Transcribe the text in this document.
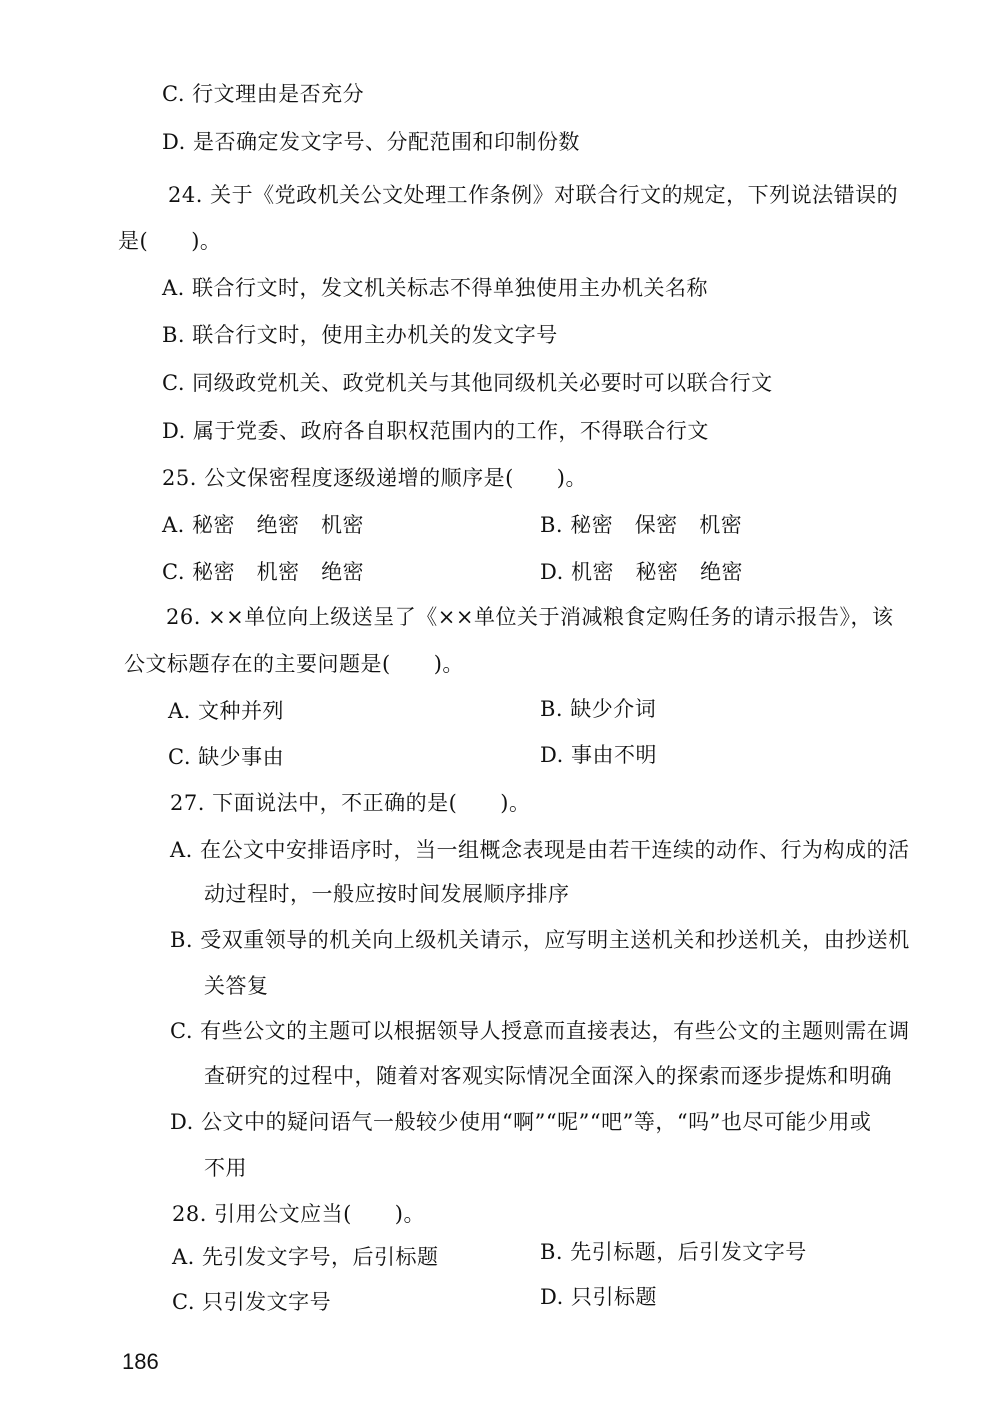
C. 行文理由是否充分
D. 是否确定发文字号、分配范围和印制份数
24. 关于《党政机关公文处理工作条例》对联合行文的规定，下列说法错误的
是(　　)。
A. 联合行文时，发文机关标志不得单独使用主办机关名称
B. 联合行文时，使用主办机关的发文字号
C. 同级政党机关、政党机关与其他同级机关必要时可以联合行文
D. 属于党委、政府各自职权范围内的工作，不得联合行文
25. 公文保密程度逐级递增的顺序是(　　)。
A. 秘密　绝密　机密	B. 秘密　保密　机密
C. 秘密　机密　绝密	D. 机密　秘密　绝密
26. ××单位向上级送呈了《××单位关于消减粮食定购任务的请示报告》，该
公文标题存在的主要问题是(　　)。
A. 文种并列	B. 缺少介词
C. 缺少事由	D. 事由不明
27. 下面说法中，不正确的是(　　)。
A. 在公文中安排语序时，当一组概念表现是由若干连续的动作、行为构成的活
动过程时，一般应按时间发展顺序排序
B. 受双重领导的机关向上级机关请示，应写明主送机关和抄送机关，由抄送机
关答复
C. 有些公文的主题可以根据领导人授意而直接表达，有些公文的主题则需在调
查研究的过程中，随着对客观实际情况全面深入的探索而逐步提炼和明确
D. 公文中的疑问语气一般较少使用“啊”“呢”“吧”等，“吗”也尽可能少用或
不用
28. 引用公文应当(　　)。
A. 先引发文字号，后引标题	B. 先引标题，后引发文字号
C. 只引发文字号	D. 只引标题
186
